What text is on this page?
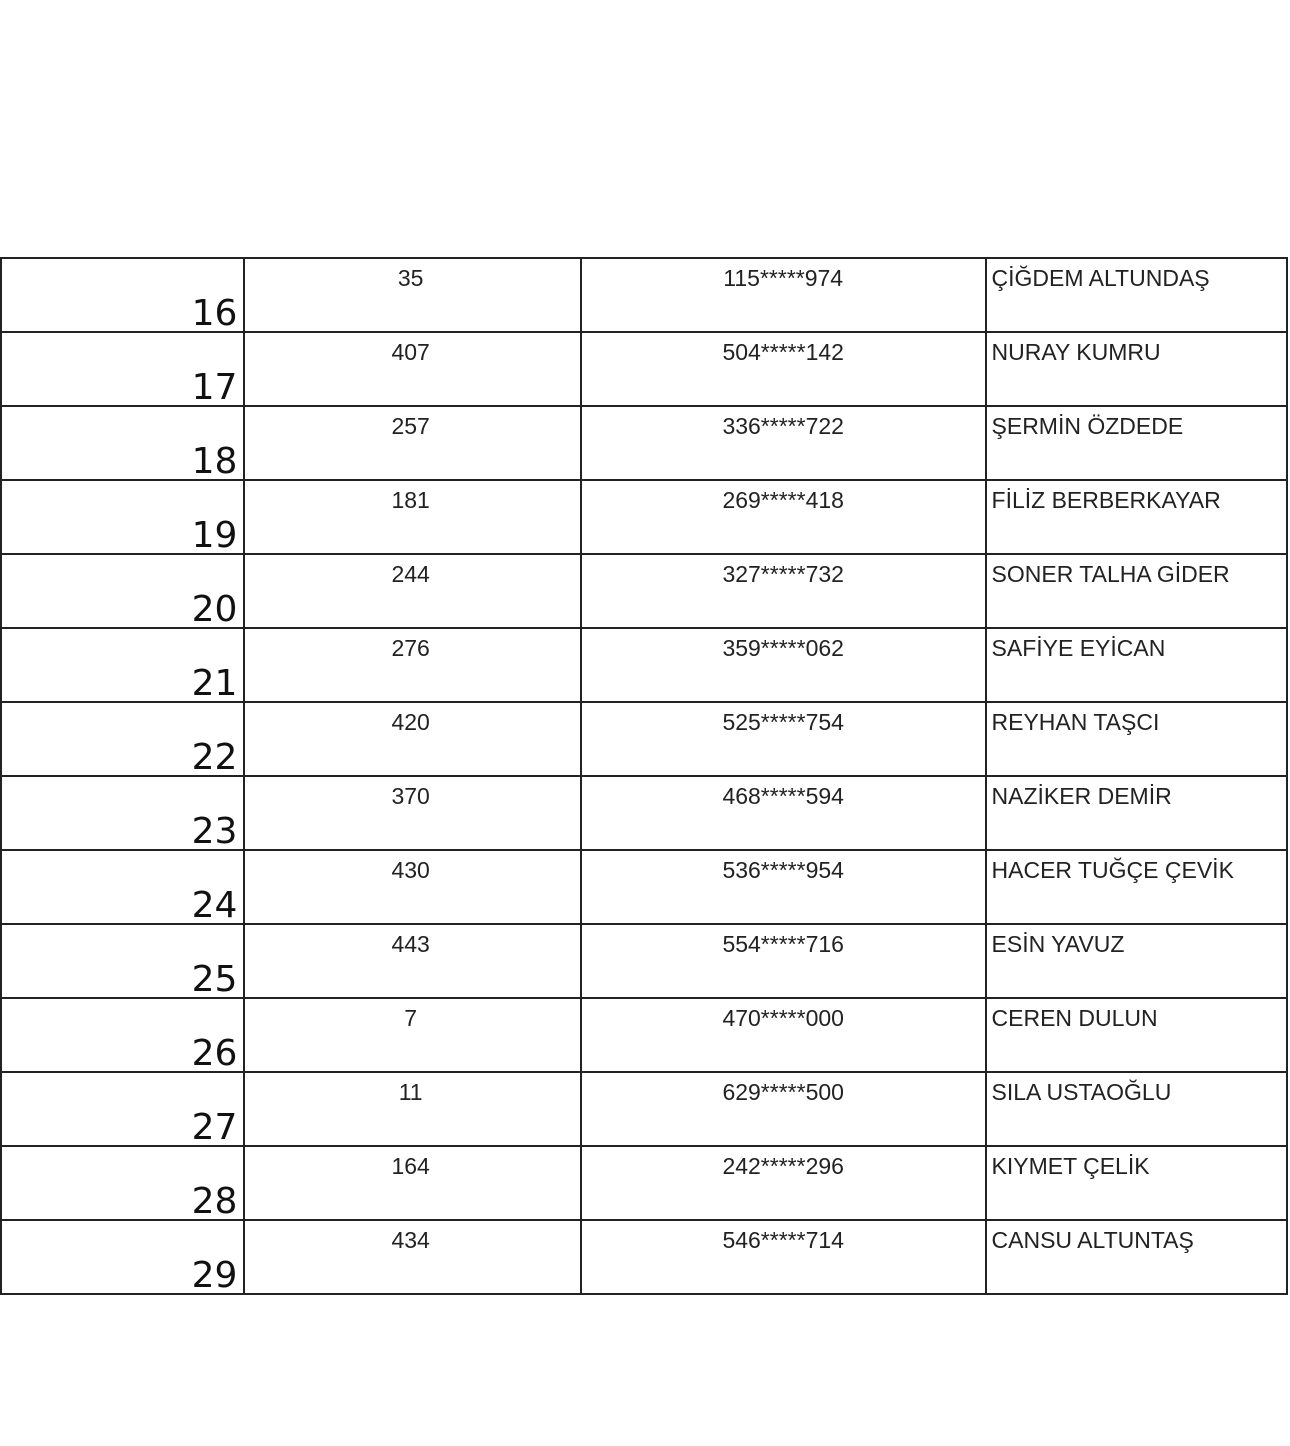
16	35	115*****974	ÇİĞDEM ALTUNDAŞ

17	407	504*****142	NURAY KUMRU

18	257	336*****722	ŞERMİN ÖZDEDE

19	181	269*****418	FİLİZ BERBERKAYAR

20	244	327*****732	SONER TALHA GİDER

21	276	359*****062	SAFİYE EYİCAN

22	420	525*****754	REYHAN TAŞCI

23	370	468*****594	NAZİKER DEMİR

24	430	536*****954	HACER TUĞÇE ÇEVİK

25	443	554*****716	ESİN YAVUZ

26	7	470*****000	CEREN DULUN

27	11	629*****500	SILA USTAOĞLU

28	164	242*****296	KIYMET ÇELİK

29	434	546*****714	CANSU ALTUNTAŞ
